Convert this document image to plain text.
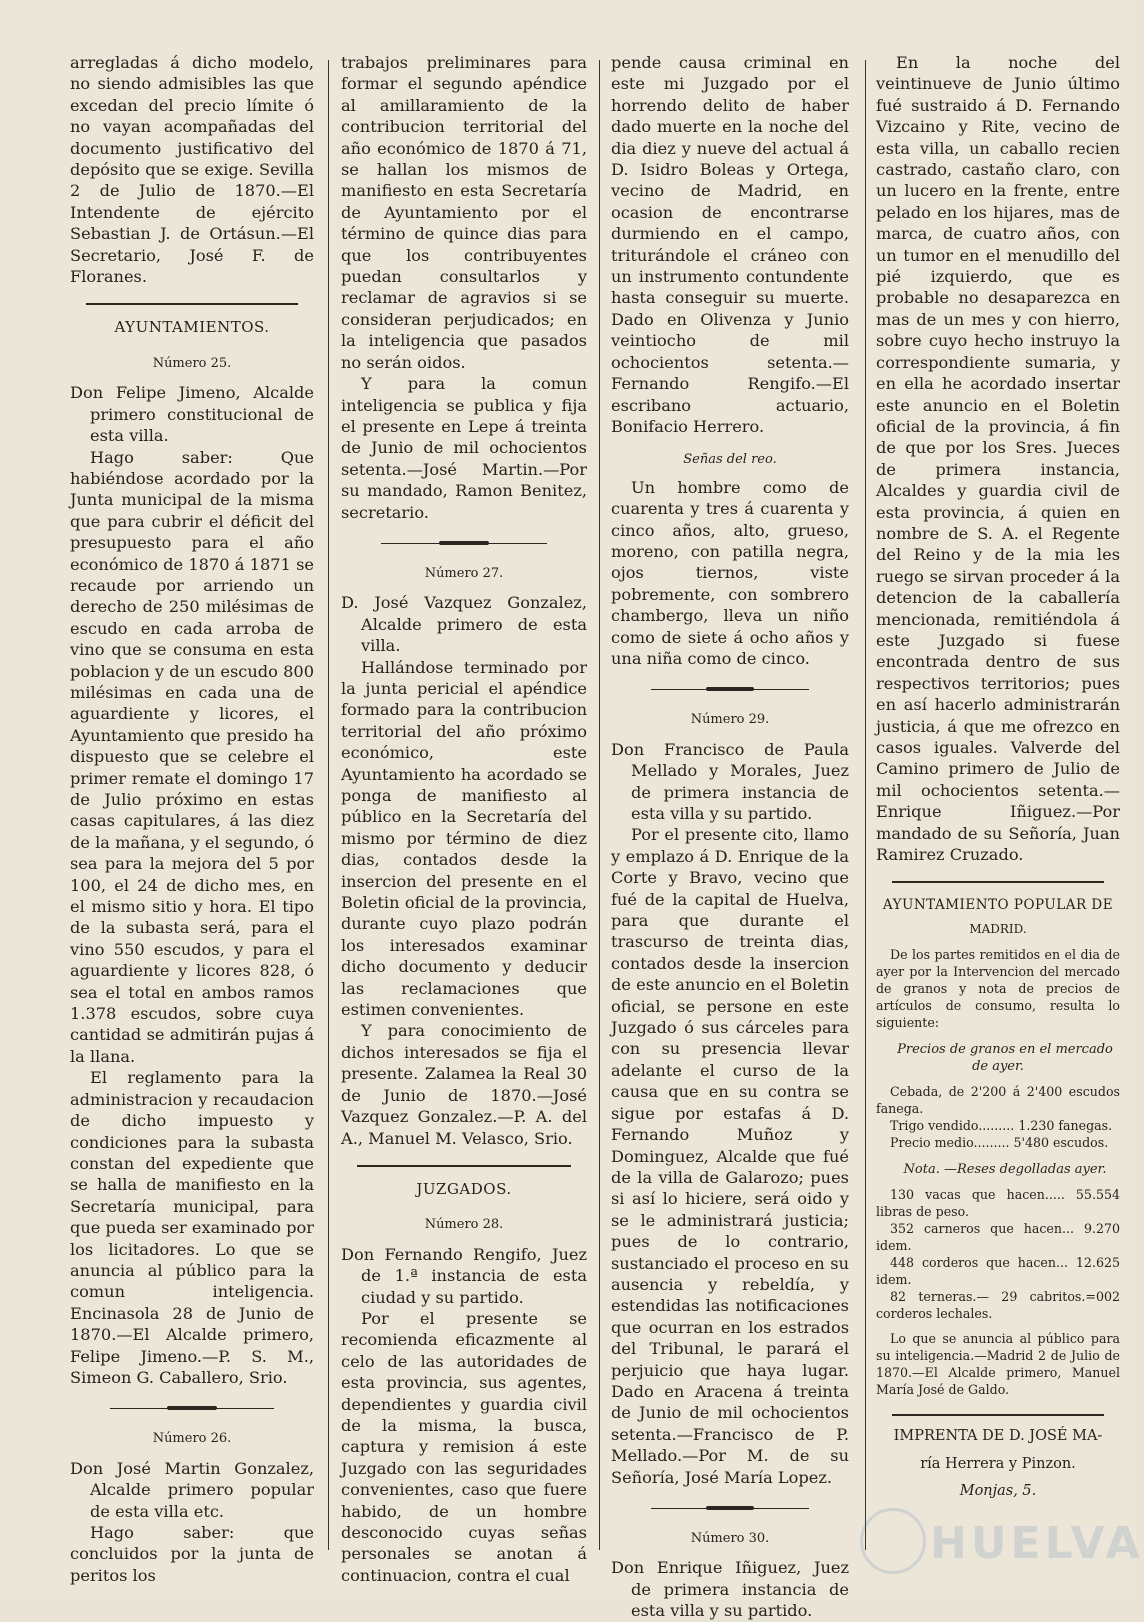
arregladas á dicho modelo, no siendo admisibles las que excedan del precio límite ó no vayan acompañadas del documento justificativo del depósito que se exige. Sevilla 2 de Julio de 1870.—El Intendente de ejército Sebastian J. de Ortásun.—El Secretario, José F. de Floranes.

AYUNTAMIENTOS.

Número 25.

Don Felipe Jimeno, Alcalde primero constitucional de esta villa.

Hago saber: Que habiéndose acordado por la Junta municipal de la misma que para cubrir el déficit del presupuesto para el año económico de 1870 á 1871 se recaude por arriendo un derecho de 250 milésimas de escudo en cada arroba de vino que se consuma en esta poblacion y de un escudo 800 milésimas en cada una de aguardiente y licores, el Ayuntamiento que presido ha dispuesto que se celebre el primer remate el domingo 17 de Julio próximo en estas casas capitulares, á las diez de la mañana, y el segundo, ó sea para la mejora del 5 por 100, el 24 de dicho mes, en el mismo sitio y hora. El tipo de la subasta será, para el vino 550 escudos, y para el aguardiente y licores 828, ó sea el total en ambos ramos 1.378 escudos, sobre cuya cantidad se admitirán pujas á la llana.

El reglamento para la administracion y recaudacion de dicho impuesto y condiciones para la subasta constan del expediente que se halla de manifiesto en la Secretaría municipal, para que pueda ser examinado por los licitadores. Lo que se anuncia al público para la comun inteligencia. Encinasola 28 de Junio de 1870.—El Alcalde primero, Felipe Jimeno.—P. S. M., Simeon G. Caballero, Srio.

Número 26.

Don José Martin Gonzalez, Alcalde primero popular de esta villa etc.

Hago saber: que concluidos por la junta de peritos los

trabajos preliminares para formar el segundo apéndice al amillaramiento de la contribucion territorial del año económico de 1870 á 71, se hallan los mismos de manifiesto en esta Secretaría de Ayuntamiento por el término de quince dias para que los contribuyentes puedan consultarlos y reclamar de agravios si se consideran perjudicados; en la inteligencia que pasados no serán oidos.

Y para la comun inteligencia se publica y fija el presente en Lepe á treinta de Junio de mil ochocientos setenta.—José Martin.—Por su mandado, Ramon Benitez, secretario.

Número 27.

D. José Vazquez Gonzalez, Alcalde primero de esta villa.

Hallándose terminado por la junta pericial el apéndice formado para la contribucion territorial del año próximo económico, este Ayuntamiento ha acordado se ponga de manifiesto al público en la Secretaría del mismo por término de diez dias, contados desde la insercion del presente en el Boletin oficial de la provincia, durante cuyo plazo podrán los interesados examinar dicho documento y deducir las reclamaciones que estimen convenientes.

Y para conocimiento de dichos interesados se fija el presente. Zalamea la Real 30 de Junio de 1870.—José Vazquez Gonzalez.—P. A. del A., Manuel M. Velasco, Srio.

JUZGADOS.

Número 28.

Don Fernando Rengifo, Juez de 1.ª instancia de esta ciudad y su partido.

Por el presente se recomienda eficazmente al celo de las autoridades de esta provincia, sus agentes, dependientes y guardia civil de la misma, la busca, captura y remision á este Juzgado con las seguridades convenientes, caso que fuere habido, de un hombre desconocido cuyas señas personales se anotan á continuacion, contra el cual

pende causa criminal en este mi Juzgado por el horrendo delito de haber dado muerte en la noche del dia diez y nueve del actual á D. Isidro Boleas y Ortega, vecino de Madrid, en ocasion de encontrarse durmiendo en el campo, triturándole el cráneo con un instrumento contundente hasta conseguir su muerte. Dado en Olivenza y Junio veintiocho de mil ochocientos setenta.—Fernando Rengifo.—El escribano actuario, Bonifacio Herrero.

Señas del reo.

Un hombre como de cuarenta y tres á cuarenta y cinco años, alto, grueso, moreno, con patilla negra, ojos tiernos, viste pobremente, con sombrero chambergo, lleva un niño como de siete á ocho años y una niña como de cinco.

Número 29.

Don Francisco de Paula Mellado y Morales, Juez de primera instancia de esta villa y su partido.

Por el presente cito, llamo y emplazo á D. Enrique de la Corte y Bravo, vecino que fué de la capital de Huelva, para que durante el trascurso de treinta dias, contados desde la insercion de este anuncio en el Boletin oficial, se persone en este Juzgado ó sus cárceles para con su presencia llevar adelante el curso de la causa que en su contra se sigue por estafas á D. Fernando Muñoz y Dominguez, Alcalde que fué de la villa de Galarozo; pues si así lo hiciere, será oido y se le administrará justicia; pues de lo contrario, sustanciado el proceso en su ausencia y rebeldía, y estendidas las notificaciones que ocurran en los estrados del Tribunal, le parará el perjuicio que haya lugar. Dado en Aracena á treinta de Junio de mil ochocientos setenta.—Francisco de P. Mellado.—Por M. de su Señoría, José María Lopez.

Número 30.

Don Enrique Iñiguez, Juez de primera instancia de esta villa y su partido.

En la noche del veintinueve de Junio último fué sustraido á D. Fernando Vizcaino y Rite, vecino de esta villa, un caballo recien castrado, castaño claro, con un lucero en la frente, entre pelado en los hijares, mas de marca, de cuatro años, con un tumor en el menudillo del pié izquierdo, que es probable no desaparezca en mas de un mes y con hierro, sobre cuyo hecho instruyo la correspondiente sumaria, y en ella he acordado insertar este anuncio en el Boletin oficial de la provincia, á fin de que por los Sres. Jueces de primera instancia, Alcaldes y guardia civil de esta provincia, á quien en nombre de S. A. el Regente del Reino y de la mia les ruego se sirvan proceder á la detencion de la caballería mencionada, remitiéndola á este Juzgado si fuese encontrada dentro de sus respectivos territorios; pues en así hacerlo administrarán justicia, á que me ofrezco en casos iguales. Valverde del Camino primero de Julio de mil ochocientos setenta.—Enrique Iñiguez.—Por mandado de su Señoría, Juan Ramirez Cruzado.

AYUNTAMIENTO POPULAR DE

MADRID.

De los partes remitidos en el dia de ayer por la Intervencion del mercado de granos y nota de precios de artículos de consumo, resulta lo siguiente:

Precios de granos en el mercado de ayer.

Cebada, de 2'200 á 2'400 escudos fanega.

Trigo vendido......... 1.230 fanegas.

Precio medio......... 5'480 escudos.

Nota. —Reses degolladas ayer.

130 vacas que hacen..... 55.554 libras de peso.

352 carneros que hacen... 9.270 idem.

448 corderos que hacen... 12.625 idem.

82 terneras.— 29 cabritos.=002 corderos lechales.

Lo que se anuncia al público para su inteligencia.—Madrid 2 de Julio de 1870.—El Alcalde primero, Manuel María José de Galdo.

IMPRENTA DE D. JOSÉ MA-

ría Herrera y Pinzon.

Monjas, 5.

HUELVA
